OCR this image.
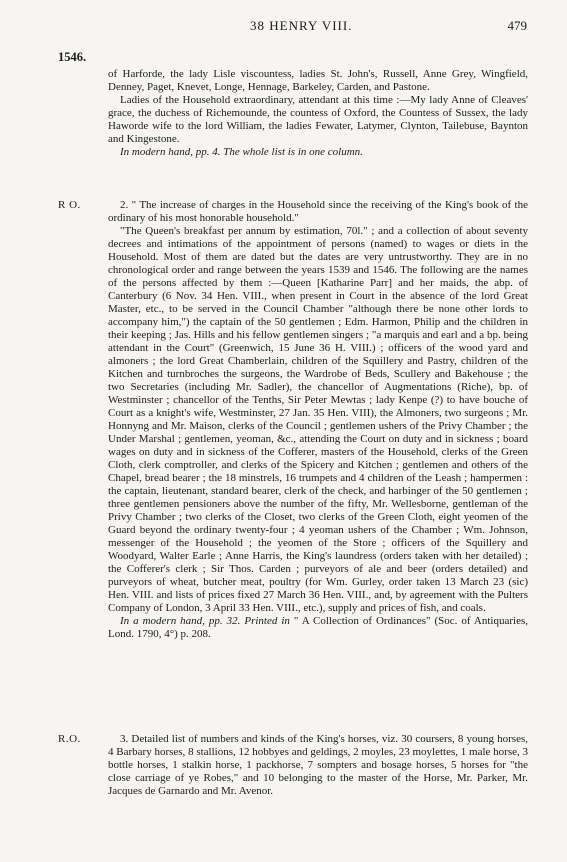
38 HENRY VIII.	479
1546.
R O.
R.O.

of Harforde, the lady Lisle viscountess, ladies St. John's, Russell, Anne Grey, Wingfield, Denney, Paget, Knevet, Longe, Hennage, Barkeley, Carden, and Pastone.

Ladies of the Household extraordinary, attendant at this time :—My lady Anne of Cleaves' grace, the duchess of Richemounde, the countess of Oxford, the Countess of Sussex, the lady Haworde wife to the lord William, the ladies Fewater, Latymer, Clynton, Tailebuse, Baynton and Kingestone.

In modern hand, pp. 4. The whole list is in one column.

2. " The increase of charges in the Household since the receiving of the King's book of the ordinary of his most honorable household."

"The Queen's breakfast per annum by estimation, 70l." ; and a collection of about seventy decrees and intimations of the appointment of persons (named) to wages or diets in the Household. Most of them are dated but the dates are very untrustworthy. They are in no chronological order and range between the years 1539 and 1546. The following are the names of the persons affected by them :—Queen [Katharine Parr] and her maids, the abp. of Canterbury (6 Nov. 34 Hen. VIII., when present in Court in the absence of the lord Great Master, etc., to be served in the Council Chamber "although there be none other lords to accompany him,") the captain of the 50 gentlemen ; Edm. Harmon, Philip and the children in their keeping ; Jas. Hills and his fellow gentlemen singers ; "a marquis and earl and a bp. being attendant in the Court" (Greenwich, 15 June 36 H. VIII.) ; officers of the wood yard and almoners ; the lord Great Chamberlain, children of the Squillery and Pastry, children of the Kitchen and turnbroches the surgeons, the Wardrobe of Beds, Scullery and Bakehouse ; the two Secretaries (including Mr. Sadler), the chancellor of Augmentations (Riche), bp. of Westminster ; chancellor of the Tenths, Sir Peter Mewtas ; lady Kenpe (?) to have bouche of Court as a knight's wife, Westminster, 27 Jan. 35 Hen. VIII), the Almoners, two surgeons ; Mr. Honnyng and Mr. Maison, clerks of the Council ; gentlemen ushers of the Privy Chamber ; the Under Marshal ; gentlemen, yeoman, &c., attending the Court on duty and in sickness ; board wages on duty and in sickness of the Cofferer, masters of the Household, clerks of the Green Cloth, clerk comptroller, and clerks of the Spicery and Kitchen ; gentlemen and others of the Chapel, bread bearer ; the 18 minstrels, 16 trumpets and 4 children of the Leash ; hampermen : the captain, lieutenant, standard bearer, clerk of the check, and harbinger of the 50 gentlemen ; three gentlemen pensioners above the number of the fifty, Mr. Wellesborne, gentleman of the Privy Chamber ; two clerks of the Closet, two clerks of the Green Cloth, eight yeomen of the Guard beyond the ordinary twenty-four ; 4 yeoman ushers of the Chamber ; Wm. Johnson, messenger of the Household ; the yeomen of the Store ; officers of the Squillery and Woodyard, Walter Earle ; Anne Harris, the King's laundress (orders taken with her detailed) ; the Cofferer's clerk ; Sir Thos. Carden ; purveyors of ale and beer (orders detailed) and purveyors of wheat, butcher meat, poultry (for Wm. Gurley, order taken 13 March 23 (sic) Hen. VIII. and lists of prices fixed 27 March 36 Hen. VIII., and, by agreement with the Pulters Company of London, 3 April 33 Hen. VIII., etc.), supply and prices of fish, and coals.

In a modern hand, pp. 32. Printed in " A Collection of Ordinances" (Soc. of Antiquaries, Lond. 1790, 4°) p. 208.

3. Detailed list of numbers and kinds of the King's horses, viz. 30 coursers, 8 young horses, 4 Barbary horses, 8 stallions, 12 hobbyes and geldings, 2 moyles, 23 moylettes, 1 male horse, 3 bottle horses, 1 stalkin horse, 1 packhorse, 7 sompters and bosage horses, 5 horses for "the close carriage of ye Robes," and 10 belonging to the master of the Horse, Mr. Parker, Mr. Jacques de Garnardo and Mr. Avenor.
